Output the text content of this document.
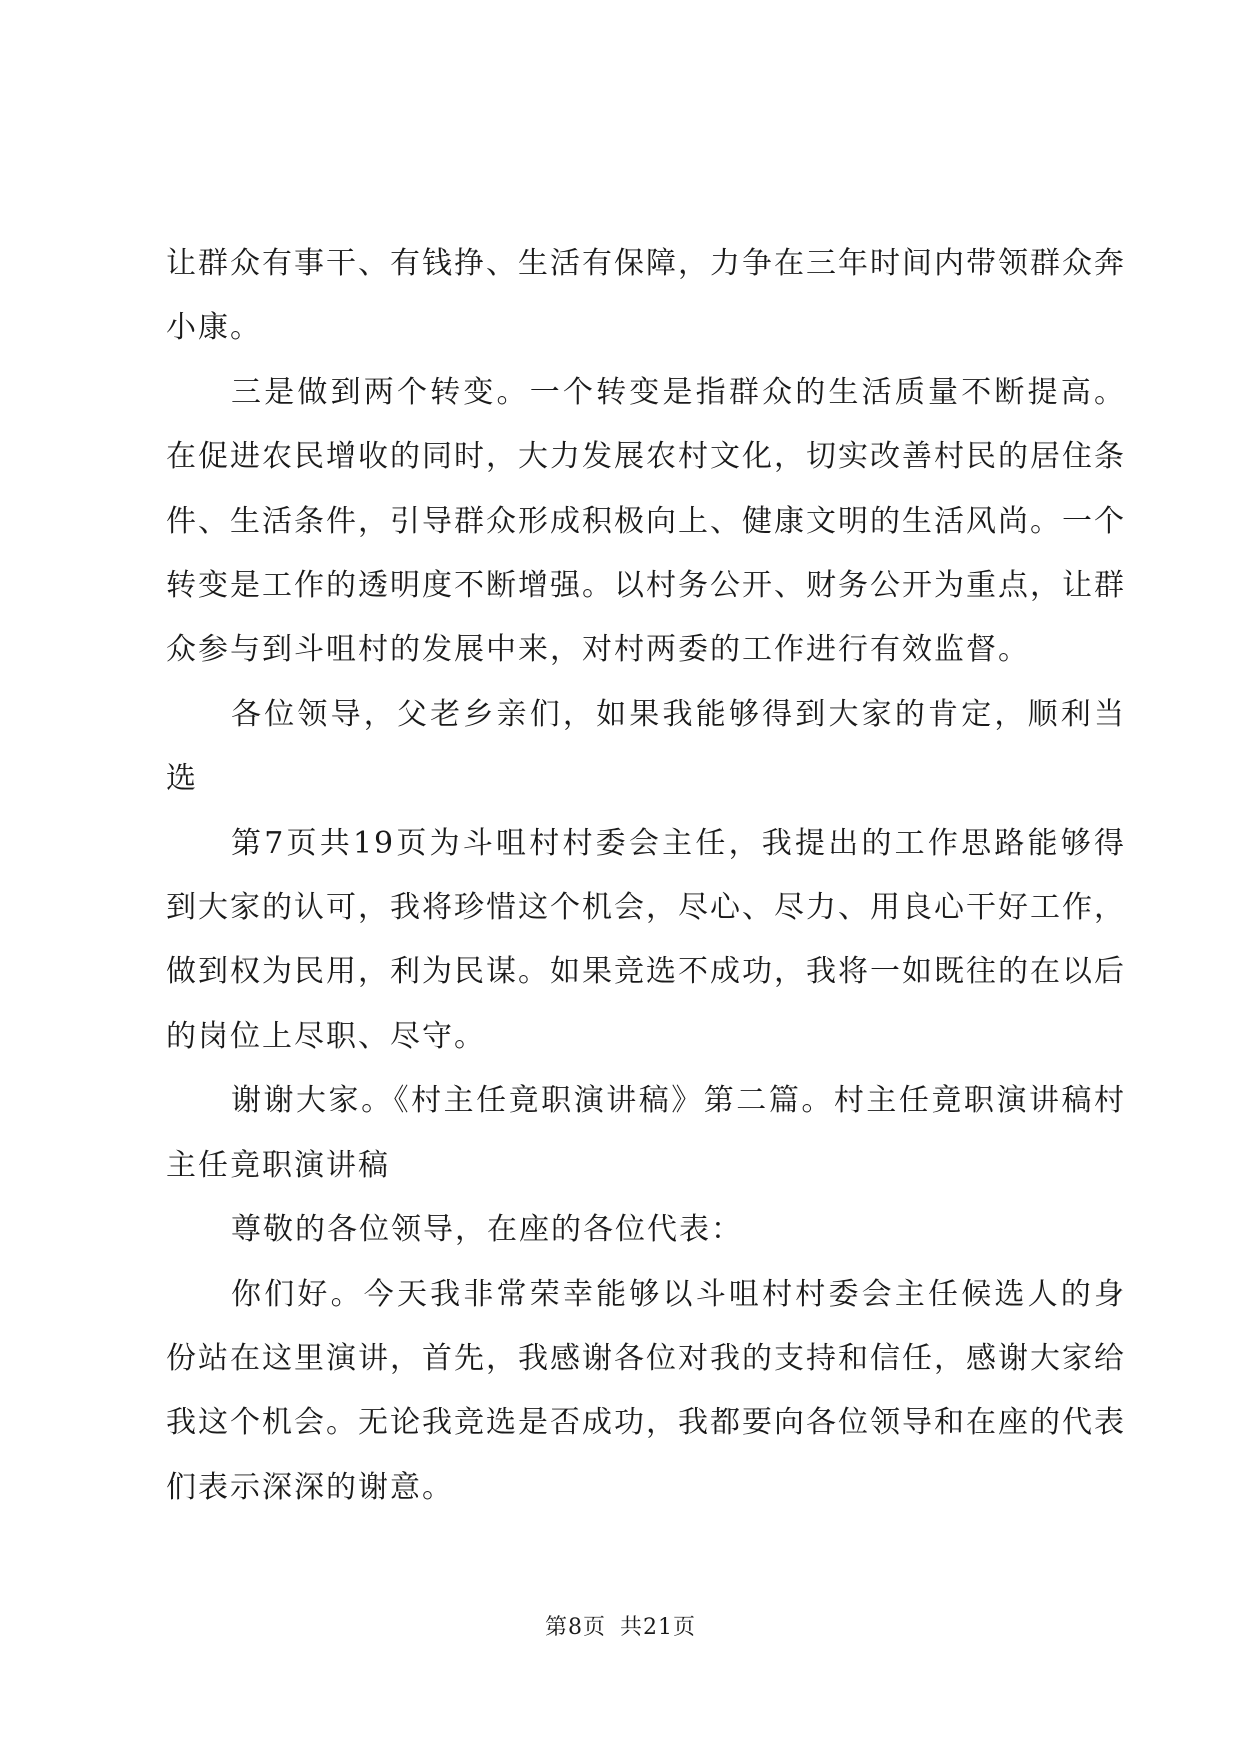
让群众有事干、有钱挣、生活有保障，力争在三年时间内带领群众奔小康。

三是做到两个转变。一个转变是指群众的生活质量不断提高。在促进农民增收的同时，大力发展农村文化，切实改善村民的居住条件、生活条件，引导群众形成积极向上、健康文明的生活风尚。一个转变是工作的透明度不断增强。以村务公开、财务公开为重点，让群众参与到斗咀村的发展中来，对村两委的工作进行有效监督。

各位领导，父老乡亲们，如果我能够得到大家的肯定，顺利当选

第7页共19页为斗咀村村委会主任，我提出的工作思路能够得到大家的认可，我将珍惜这个机会，尽心、尽力、用良心干好工作，做到权为民用，利为民谋。如果竞选不成功，我将一如既往的在以后的岗位上尽职、尽守。

谢谢大家。《村主任竟职演讲稿》第二篇。村主任竟职演讲稿村主任竟职演讲稿

尊敬的各位领导，在座的各位代表：

你们好。今天我非常荣幸能够以斗咀村村委会主任候选人的身份站在这里演讲，首先，我感谢各位对我的支持和信任，感谢大家给我这个机会。无论我竞选是否成功，我都要向各位领导和在座的代表们表示深深的谢意。

第8页 共21页
